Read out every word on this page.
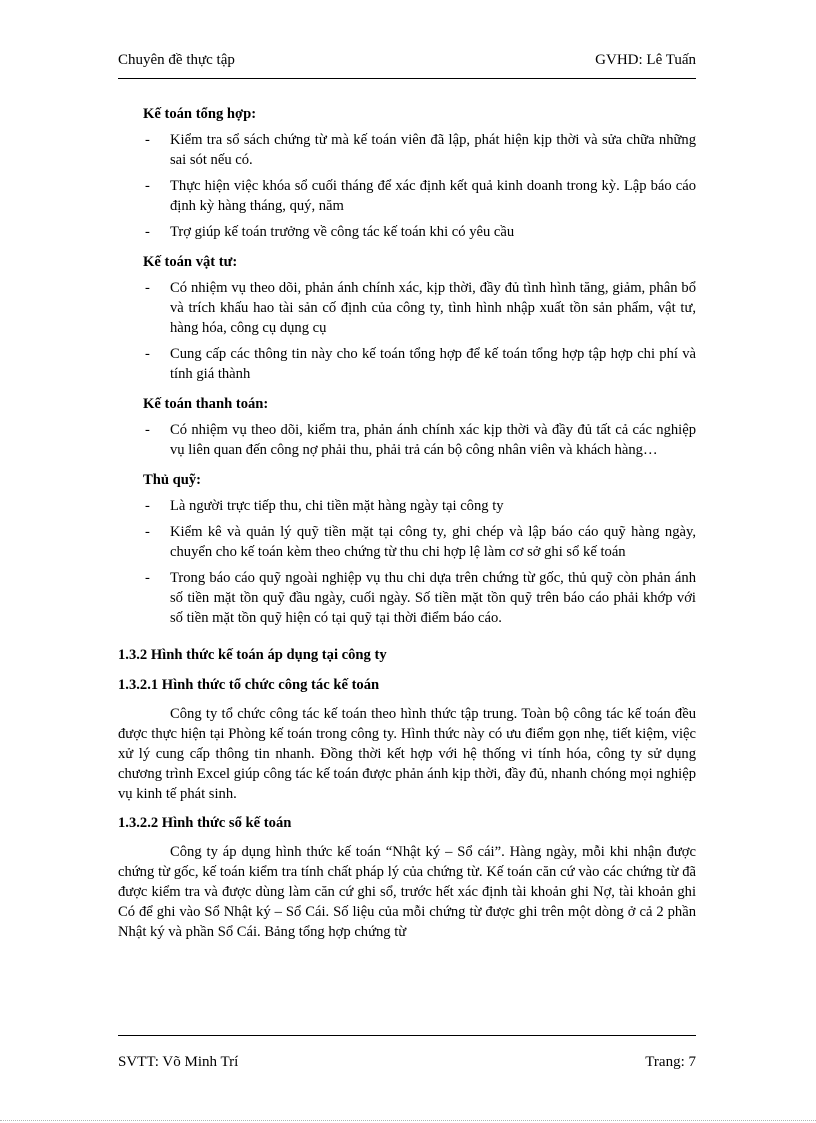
Chuyên đề thực tập	GVHD: Lê Tuấn
Kế toán tổng hợp:
- Kiểm tra sổ sách chứng từ mà kế toán viên đã lập, phát hiện kịp thời và sửa chữa những sai sót nếu có.
- Thực hiện việc khóa sổ cuối tháng để xác định kết quả kinh doanh trong kỳ. Lập báo cáo định kỳ hàng tháng, quý, năm
- Trợ giúp kế toán trưởng về công tác kế toán khi có yêu cầu
Kế toán vật tư:
- Có nhiệm vụ theo dõi, phản ánh chính xác, kịp thời, đầy đủ tình hình tăng, giảm, phân bổ và trích khấu hao tài sản cố định của công ty, tình hình nhập xuất tồn sản phẩm, vật tư, hàng hóa, công cụ dụng cụ
- Cung cấp các thông tin này cho kế toán tổng hợp để kế toán tổng hợp tập hợp chi phí và tính giá thành
Kế toán thanh toán:
- Có nhiệm vụ theo dõi, kiểm tra, phản ánh chính xác kịp thời và đầy đủ tất cả các nghiệp vụ liên quan đến công nợ phải thu, phải trả cán bộ công nhân viên và khách hàng…
Thủ quỹ:
- Là người trực tiếp thu, chi tiền mặt hàng ngày tại công ty
- Kiểm kê và quản lý quỹ tiền mặt tại công ty, ghi chép và lập báo cáo quỹ hàng ngày, chuyển cho kế toán kèm theo chứng từ thu chi hợp lệ làm cơ sở ghi sổ kế toán
- Trong báo cáo quỹ ngoài nghiệp vụ thu chi dựa trên chứng từ gốc, thủ quỹ còn phản ánh số tiền mặt tồn quỹ đầu ngày, cuối ngày. Số tiền mặt tồn quỹ trên báo cáo phải khớp với số tiền mặt tồn quỹ hiện có tại quỹ tại thời điểm báo cáo.
1.3.2 Hình thức kế toán áp dụng tại công ty
1.3.2.1 Hình thức tổ chức công tác kế toán

Công ty tổ chức công tác kế toán theo hình thức tập trung. Toàn bộ công tác kế toán đều được thực hiện tại Phòng kế toán trong công ty. Hình thức này có ưu điểm gọn nhẹ, tiết kiệm, việc xử lý cung cấp thông tin nhanh. Đồng thời kết hợp với hệ thống vi tính hóa, công ty sử dụng chương trình Excel giúp công tác kế toán được phản ánh kịp thời, đầy đủ, nhanh chóng mọi nghiệp vụ kinh tế phát sinh.

1.3.2.2 Hình thức sổ kế toán

Công ty áp dụng hình thức kế toán “Nhật ký – Sổ cái”. Hàng ngày, mỗi khi nhận được chứng từ gốc, kế toán kiểm tra tính chất pháp lý của chứng từ. Kế toán căn cứ vào các chứng từ đã được kiểm tra và được dùng làm căn cứ ghi sổ, trước hết xác định tài khoản ghi Nợ, tài khoản ghi Có để ghi vào Sổ Nhật ký – Sổ Cái. Số liệu của mỗi chứng từ được ghi trên một dòng ở cả 2 phần Nhật ký và phần Sổ Cái. Bảng tổng hợp chứng từ

SVTT: Võ Minh Trí	Trang: 7
